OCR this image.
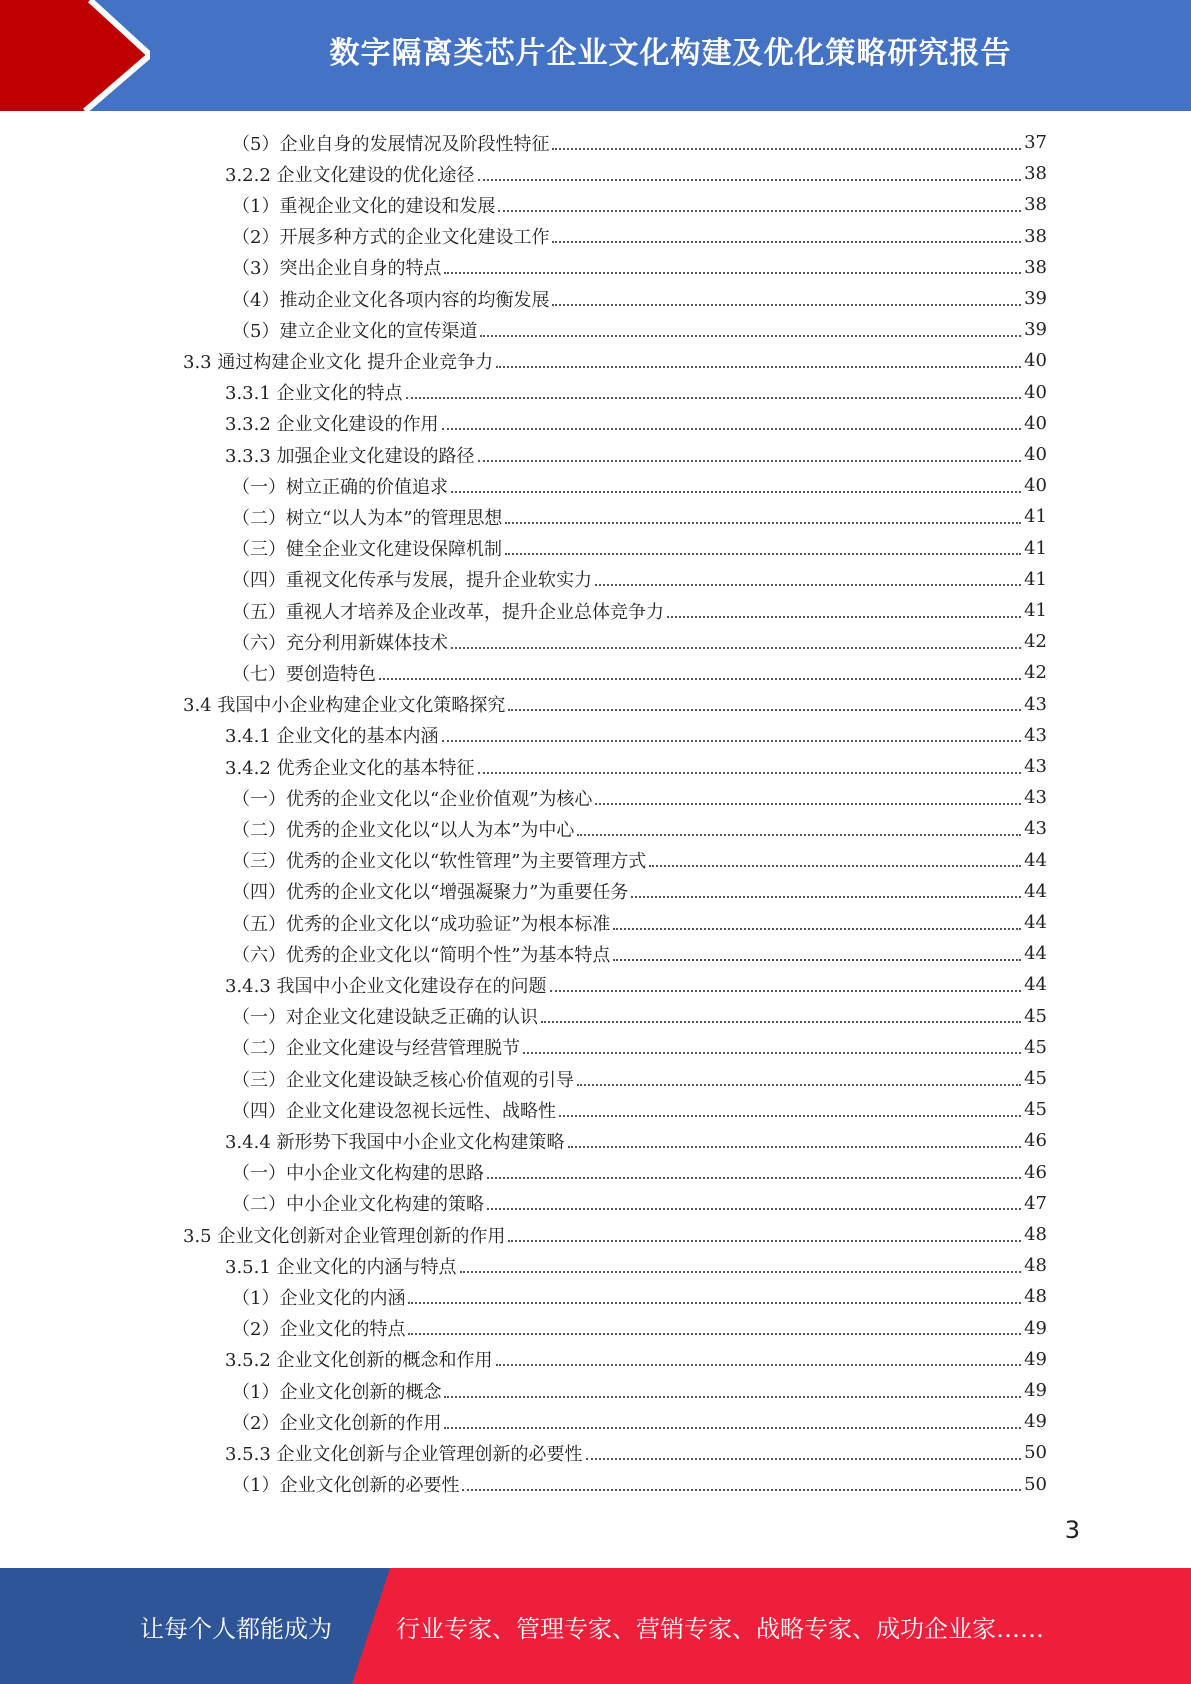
数字隔离类芯片企业文化构建及优化策略研究报告
（5）企业自身的发展情况及阶段性特征	37
3.2.2 企业文化建设的优化途径	38
（1）重视企业文化的建设和发展	38
（2）开展多种方式的企业文化建设工作	38
（3）突出企业自身的特点	38
（4）推动企业文化各项内容的均衡发展	39
（5）建立企业文化的宣传渠道	39
3.3 通过构建企业文化 提升企业竞争力	40
3.3.1 企业文化的特点	40
3.3.2 企业文化建设的作用	40
3.3.3 加强企业文化建设的路径	40
（一）树立正确的价值追求	40
（二）树立“以人为本”的管理思想	41
（三）健全企业文化建设保障机制	41
（四）重视文化传承与发展，提升企业软实力	41
（五）重视人才培养及企业改革，提升企业总体竞争力	41
（六）充分利用新媒体技术	42
（七）要创造特色	42
3.4 我国中小企业构建企业文化策略探究	43
3.4.1 企业文化的基本内涵	43
3.4.2 优秀企业文化的基本特征	43
（一）优秀的企业文化以“企业价值观”为核心	43
（二）优秀的企业文化以“以人为本”为中心	43
（三）优秀的企业文化以“软性管理”为主要管理方式	44
（四）优秀的企业文化以“增强凝聚力”为重要任务	44
（五）优秀的企业文化以“成功验证”为根本标准	44
（六）优秀的企业文化以“简明个性”为基本特点	44
3.4.3 我国中小企业文化建设存在的问题	44
（一）对企业文化建设缺乏正确的认识	45
（二）企业文化建设与经营管理脱节	45
（三）企业文化建设缺乏核心价值观的引导	45
（四）企业文化建设忽视长远性、战略性	45
3.4.4 新形势下我国中小企业文化构建策略	46
（一）中小企业文化构建的思路	46
（二）中小企业文化构建的策略	47
3.5 企业文化创新对企业管理创新的作用	48
3.5.1 企业文化的内涵与特点	48
（1）企业文化的内涵	48
（2）企业文化的特点	49
3.5.2 企业文化创新的概念和作用	49
（1）企业文化创新的概念	49
（2）企业文化创新的作用	49
3.5.3 企业文化创新与企业管理创新的必要性	50
（1）企业文化创新的必要性	50
3
让每个人都能成为	行业专家、管理专家、营销专家、战略专家、成功企业家……
